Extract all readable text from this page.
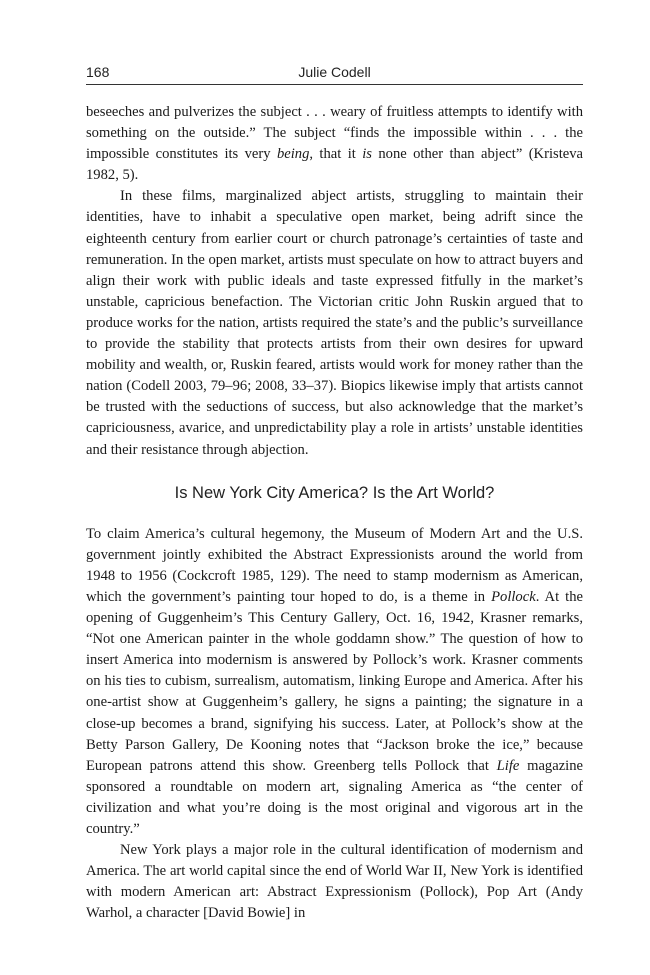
168	Julie Codell

beseeches and pulverizes the subject . . . weary of fruitless attempts to identify with something on the outside.” The subject “finds the impossible within . . . the impossible constitutes its very being, that it is none other than abject” (Kristeva 1982, 5).

In these films, marginalized abject artists, struggling to maintain their identities, have to inhabit a speculative open market, being adrift since the eighteenth century from earlier court or church patronage’s certainties of taste and remuneration. In the open market, artists must speculate on how to attract buyers and align their work with public ideals and taste expressed fitfully in the market’s unstable, capricious benefaction. The Victorian critic John Ruskin argued that to produce works for the nation, artists required the state’s and the public’s surveillance to provide the stability that protects artists from their own desires for upward mobility and wealth, or, Ruskin feared, artists would work for money rather than the nation (Codell 2003, 79–96; 2008, 33–37). Biopics likewise imply that artists cannot be trusted with the seductions of success, but also acknowledge that the market’s capriciousness, avarice, and unpredictability play a role in artists’ unstable identities and their resistance through abjection.

Is New York City America? Is the Art World?

To claim America’s cultural hegemony, the Museum of Modern Art and the U.S. government jointly exhibited the Abstract Expressionists around the world from 1948 to 1956 (Cockcroft 1985, 129). The need to stamp modernism as American, which the government’s painting tour hoped to do, is a theme in Pollock. At the opening of Guggenheim’s This Century Gallery, Oct. 16, 1942, Krasner remarks, “Not one American painter in the whole goddamn show.” The question of how to insert America into modernism is answered by Pollock’s work. Krasner comments on his ties to cubism, surrealism, automatism, linking Europe and America. After his one-artist show at Guggenheim’s gallery, he signs a painting; the signature in a close-up becomes a brand, signifying his success. Later, at Pollock’s show at the Betty Parson Gallery, De Kooning notes that “Jackson broke the ice,” because European patrons attend this show. Greenberg tells Pollock that Life magazine sponsored a roundtable on modern art, signaling America as “the center of civilization and what you’re doing is the most original and vigorous art in the country.”

New York plays a major role in the cultural identification of modernism and America. The art world capital since the end of World War II, New York is identified with modern American art: Abstract Expressionism (Pollock), Pop Art (Andy Warhol, a character [David Bowie] in
